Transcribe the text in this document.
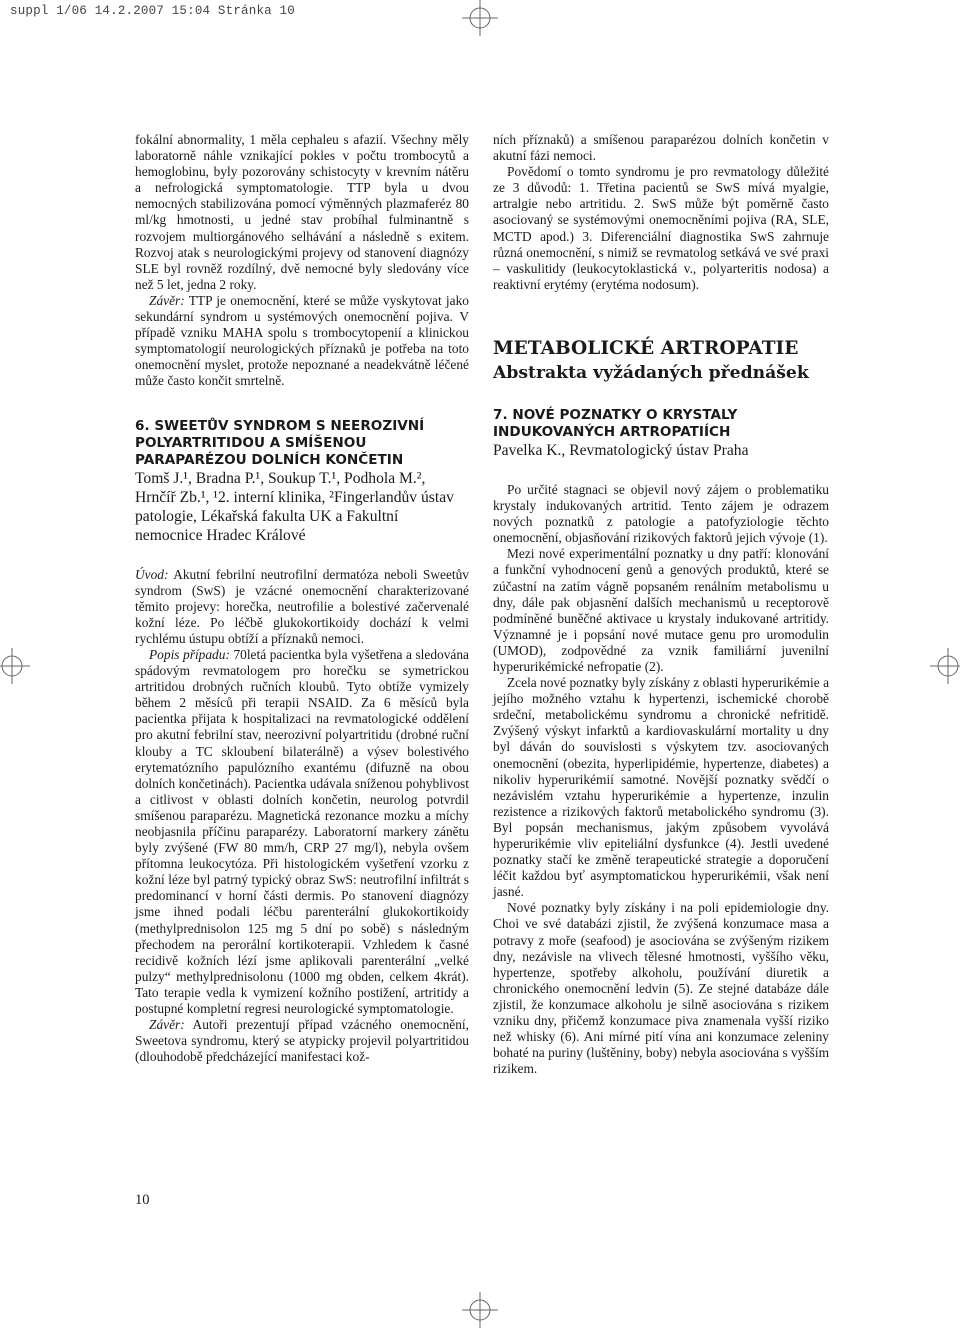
suppl 1/06 14.2.2007 15:04 Stránka 10

fokální abnormality, 1 měla cephaleu s afazií. Všechny měly laboratorně náhle vznikající pokles v počtu trombocytů a hemoglobinu, byly pozorovány schistocyty v krevním nátěru a nefrologická symptomatologie. TTP byla u dvou nemocných stabilizována pomocí výměnných plazmaferéz 80 ml/kg hmotnosti, u jedné stav probíhal fulminantně s rozvojem multiorgánového selhávání a následně s exitem. Rozvoj atak s neurologickými projevy od stanovení diagnózy SLE byl rovněž rozdílný, dvě nemocné byly sledovány více než 5 let, jedna 2 roky.

Závěr: TTP je onemocnění, které se může vyskytovat jako sekundární syndrom u systémových onemocnění pojiva. V případě vzniku MAHA spolu s trombocytopenií a klinickou symptomatologií neurologických příznaků je potřeba na toto onemocnění myslet, protože nepoznané a neadekvátně léčené může často končit smrtelně.

6. SWEETŮV SYNDROM S NEEROZIVNÍ POLYARTRITIDOU A SMÍŠENOU PARAPARÉZOU DOLNÍCH KONČETIN

Tomš J.¹, Bradna P.¹, Soukup T.¹, Podhola M.², Hrnčíř Zb.¹, ¹2. interní klinika, ²Fingerlandův ústav patologie, Lékařská fakulta UK a Fakultní nemocnice Hradec Králové

Úvod: Akutní febrilní neutrofilní dermatóza neboli Sweetův syndrom (SwS) je vzácné onemocnění charakterizované těmito projevy: horečka, neutrofilie a bolestivé začervenalé kožní léze. Po léčbě glukokortikoidy dochází k velmi rychlému ústupu obtíží a příznaků nemoci.

Popis případu: 70letá pacientka byla vyšetřena a sledována spádovým revmatologem pro horečku se symetrickou artritidou drobných ručních kloubů. Tyto obtíže vymizely během 2 měsíců při terapii NSAID. Za 6 měsíců byla pacientka přijata k hospitalizaci na revmatologické oddělení pro akutní febrilní stav, neerozivní polyartritidu (drobné ruční klouby a TC skloubení bilaterálně) a výsev bolestivého erytematózního papulózního exantému (difuzně na obou dolních končetinách). Pacientka udávala sníženou pohyblivost a citlivost v oblasti dolních končetin, neurolog potvrdil smíšenou paraparézu. Magnetická rezonance mozku a míchy neobjasnila příčinu paraparézy. Laboratorní markery zánětu byly zvýšené (FW 80 mm/h, CRP 27 mg/l), nebyla ovšem přítomna leukocytóza. Při histologickém vyšetření vzorku z kožní léze byl patrný typický obraz SwS: neutrofilní infiltrát s predominancí v horní části dermis. Po stanovení diagnózy jsme ihned podali léčbu parenterální glukokortikoidy (methylprednisolon 125 mg 5 dní po sobě) s následným přechodem na perorální kortikoterapii. Vzhledem k časné recidivě kožních lézí jsme aplikovali parenterální „velké pulzy“ methylprednisolonu (1000 mg obden, celkem 4krát). Tato terapie vedla k vymizení kožního postižení, artritidy a postupné kompletní regresi neurologické symptomatologie.

Závěr: Autoři prezentují případ vzácného onemocnění, Sweetova syndromu, který se atypicky projevil polyartritidou (dlouhodobě předcházející manifestaci kož-

ních příznaků) a smíšenou paraparézou dolních končetin v akutní fázi nemoci.

Povědomí o tomto syndromu je pro revmatology důležité ze 3 důvodů: 1. Třetina pacientů se SwS mívá myalgie, artralgie nebo artritidu. 2. SwS může být poměrně často asociovaný se systémovými onemocněními pojiva (RA, SLE, MCTD apod.) 3. Diferenciální diagnostika SwS zahrnuje různá onemocnění, s nimiž se revmatolog setkává ve své praxi – vaskulitidy (leukocytoklastická v., polyarteritis nodosa) a reaktivní erytémy (erytéma nodosum).

METABOLICKÉ ARTROPATIE

Abstrakta vyžádaných přednášek

7. NOVÉ POZNATKY O KRYSTALY INDUKOVANÝCH ARTROPATIÍCH

Pavelka K., Revmatologický ústav Praha

Po určité stagnaci se objevil nový zájem o problematiku krystaly indukovaných artritid. Tento zájem je odrazem nových poznatků z patologie a patofyziologie těchto onemocnění, objasňování rizikových faktorů jejich vývoje (1).

Mezi nové experimentální poznatky u dny patří: klonování a funkční vyhodnocení genů a genových produktů, které se zúčastní na zatím vágně popsaném renálním metabolismu u dny, dále pak objasnění dalších mechanismů u receptorově podmíněné buněčné aktivace u krystaly indukované artritidy. Významné je i popsání nové mutace genu pro uromodulin (UMOD), zodpovědné za vznik familiární juvenilní hyperurikémické nefropatie (2).

Zcela nové poznatky byly získány z oblasti hyperurikémie a jejího možného vztahu k hypertenzi, ischemické chorobě srdeční, metabolickému syndromu a chronické nefritidě. Zvýšený výskyt infarktů a kardiovaskulární mortality u dny byl dáván do souvislosti s výskytem tzv. asociovaných onemocnění (obezita, hyperlipidémie, hypertenze, diabetes) a nikoliv hyperurikémií samotné. Novější poznatky svědčí o nezávislém vztahu hyperurikémie a hypertenze, inzulin rezistence a rizikových faktorů metabolického syndromu (3). Byl popsán mechanismus, jakým způsobem vyvolává hyperurikémie vliv epiteliální dysfunkce (4). Jestli uvedené poznatky stačí ke změně terapeutické strategie a doporučení léčit každou byť asymptomatickou hyperurikémii, však není jasné.

Nové poznatky byly získány i na poli epidemiologie dny. Choi ve své databázi zjistil, že zvýšená konzumace masa a potravy z moře (seafood) je asociována se zvýšeným rizikem dny, nezávisle na vlivech tělesné hmotnosti, vyššího věku, hypertenze, spotřeby alkoholu, používání diuretik a chronického onemocnění ledvin (5). Ze stejné databáze dále zjistil, že konzumace alkoholu je silně asociována s rizikem vzniku dny, přičemž konzumace piva znamenala vyšší riziko než whisky (6). Ani mírné pití vína ani konzumace zeleniny bohaté na puriny (luštěniny, boby) nebyla asociována s vyšším rizikem.

10
